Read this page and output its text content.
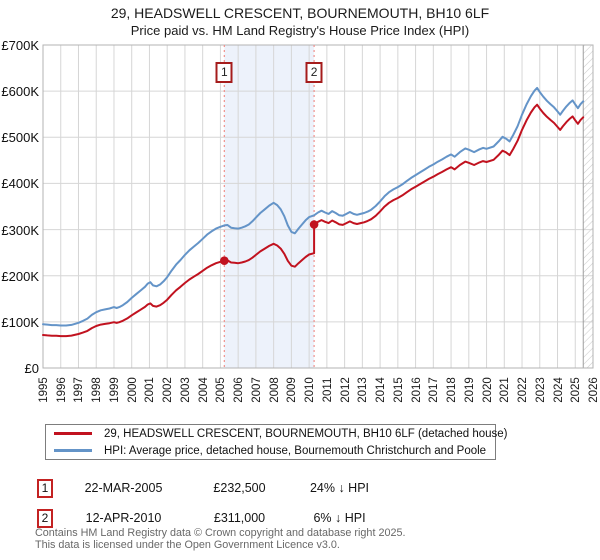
29, HEADSWELL CRESCENT, BOURNEMOUTH, BH10 6LF
Price paid vs. HM Land Registry's House Price Index (HPI)
£700K
£600K
£500K
£400K
£300K
£200K
£100K
£0
1995 1996 1997 1998 1999 2000 2001 2002 2003 2004 2005 2006 2007 2008 2009 2010 2011 2012 2013 2014 2015 2016 2017 2018 2019 2020 2021 2022 2023 2024 2025 2026
1	2
29, HEADSWELL CRESCENT, BOURNEMOUTH, BH10 6LF (detached house)
HPI: Average price, detached house, Bournemouth Christchurch and Poole
1	22-MAR-2005	£232,500	24% ↓ HPI
2	12-APR-2010	£311,000	6% ↓ HPI
Contains HM Land Registry data © Crown copyright and database right 2025.
This data is licensed under the Open Government Licence v3.0.
